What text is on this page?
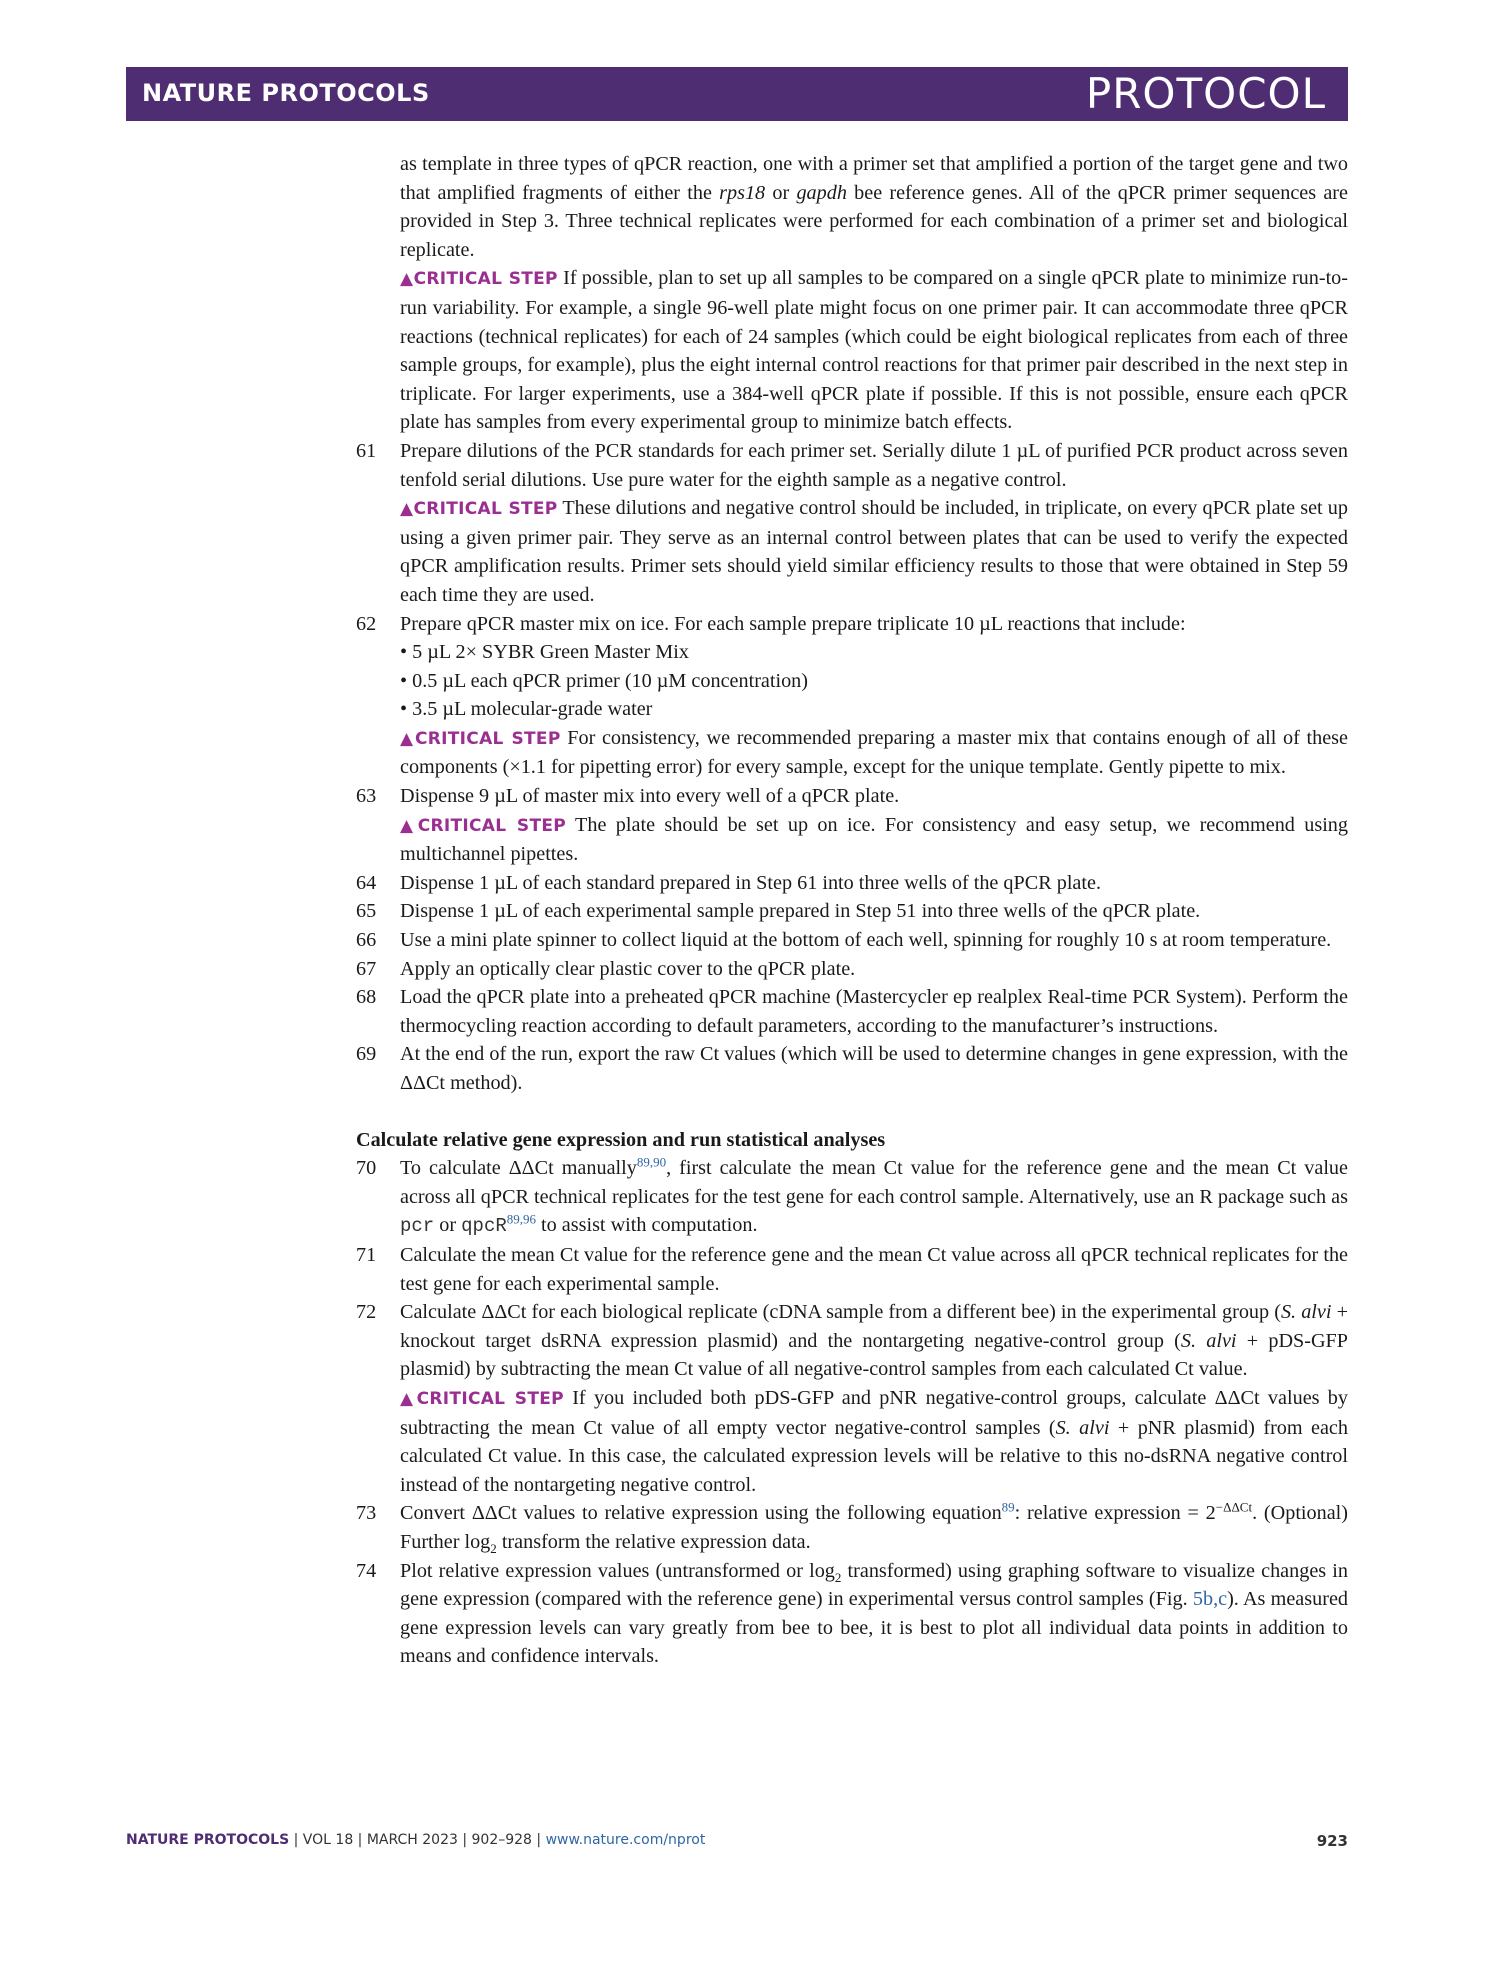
NATURE PROTOCOLS	PROTOCOL

as template in three types of qPCR reaction, one with a primer set that amplified a portion of the target gene and two that amplified fragments of either the rps18 or gapdh bee reference genes. All of the qPCR primer sequences are provided in Step 3. Three technical replicates were performed for each combination of a primer set and biological replicate.

▲CRITICAL STEP If possible, plan to set up all samples to be compared on a single qPCR plate to minimize run-to-run variability. For example, a single 96-well plate might focus on one primer pair. It can accommodate three qPCR reactions (technical replicates) for each of 24 samples (which could be eight biological replicates from each of three sample groups, for example), plus the eight internal control reactions for that primer pair described in the next step in triplicate. For larger experiments, use a 384-well qPCR plate if possible. If this is not possible, ensure each qPCR plate has samples from every experimental group to minimize batch effects.

61 Prepare dilutions of the PCR standards for each primer set. Serially dilute 1 µL of purified PCR product across seven tenfold serial dilutions. Use pure water for the eighth sample as a negative control.
▲CRITICAL STEP These dilutions and negative control should be included, in triplicate, on every qPCR plate set up using a given primer pair. They serve as an internal control between plates that can be used to verify the expected qPCR amplification results. Primer sets should yield similar efficiency results to those that were obtained in Step 59 each time they are used.
62 Prepare qPCR master mix on ice. For each sample prepare triplicate 10 µL reactions that include:
• 5 µL 2× SYBR Green Master Mix
• 0.5 µL each qPCR primer (10 µM concentration)
• 3.5 µL molecular-grade water
▲CRITICAL STEP For consistency, we recommended preparing a master mix that contains enough of all of these components (×1.1 for pipetting error) for every sample, except for the unique template. Gently pipette to mix.
63 Dispense 9 µL of master mix into every well of a qPCR plate.
▲CRITICAL STEP The plate should be set up on ice. For consistency and easy setup, we recommend using multichannel pipettes.
64 Dispense 1 µL of each standard prepared in Step 61 into three wells of the qPCR plate.
65 Dispense 1 µL of each experimental sample prepared in Step 51 into three wells of the qPCR plate.
66 Use a mini plate spinner to collect liquid at the bottom of each well, spinning for roughly 10 s at room temperature.
67 Apply an optically clear plastic cover to the qPCR plate.
68 Load the qPCR plate into a preheated qPCR machine (Mastercycler ep realplex Real-time PCR System). Perform the thermocycling reaction according to default parameters, according to the manufacturer’s instructions.
69 At the end of the run, export the raw Ct values (which will be used to determine changes in gene expression, with the ΔΔCt method).
Calculate relative gene expression and run statistical analyses
70 To calculate ΔΔCt manually$^{89,90}$, first calculate the mean Ct value for the reference gene and the mean Ct value across all qPCR technical replicates for the test gene for each control sample. Alternatively, use an R package such as pcr or qpcR$^{89,96}$ to assist with computation.
71 Calculate the mean Ct value for the reference gene and the mean Ct value across all qPCR technical replicates for the test gene for each experimental sample.
72 Calculate ΔΔCt for each biological replicate (cDNA sample from a different bee) in the experimental group (S. alvi + knockout target dsRNA expression plasmid) and the nontargeting negative-control group (S. alvi + pDS-GFP plasmid) by subtracting the mean Ct value of all negative-control samples from each calculated Ct value.
▲CRITICAL STEP If you included both pDS-GFP and pNR negative-control groups, calculate ΔΔCt values by subtracting the mean Ct value of all empty vector negative-control samples (S. alvi + pNR plasmid) from each calculated Ct value. In this case, the calculated expression levels will be relative to this no-dsRNA negative control instead of the nontargeting negative control.
73 Convert ΔΔCt values to relative expression using the following equation$^{89}$: relative expression = $2^{-\Delta\Delta Ct}$. (Optional) Further $\log_2$ transform the relative expression data.
74 Plot relative expression values (untransformed or $\log_2$ transformed) using graphing software to visualize changes in gene expression (compared with the reference gene) in experimental versus control samples (Fig. 5b,c). As measured gene expression levels can vary greatly from bee to bee, it is best to plot all individual data points in addition to means and confidence intervals.
NATURE PROTOCOLS | VOL 18 | MARCH 2023 | 902–928 | www.nature.com/nprot	923
